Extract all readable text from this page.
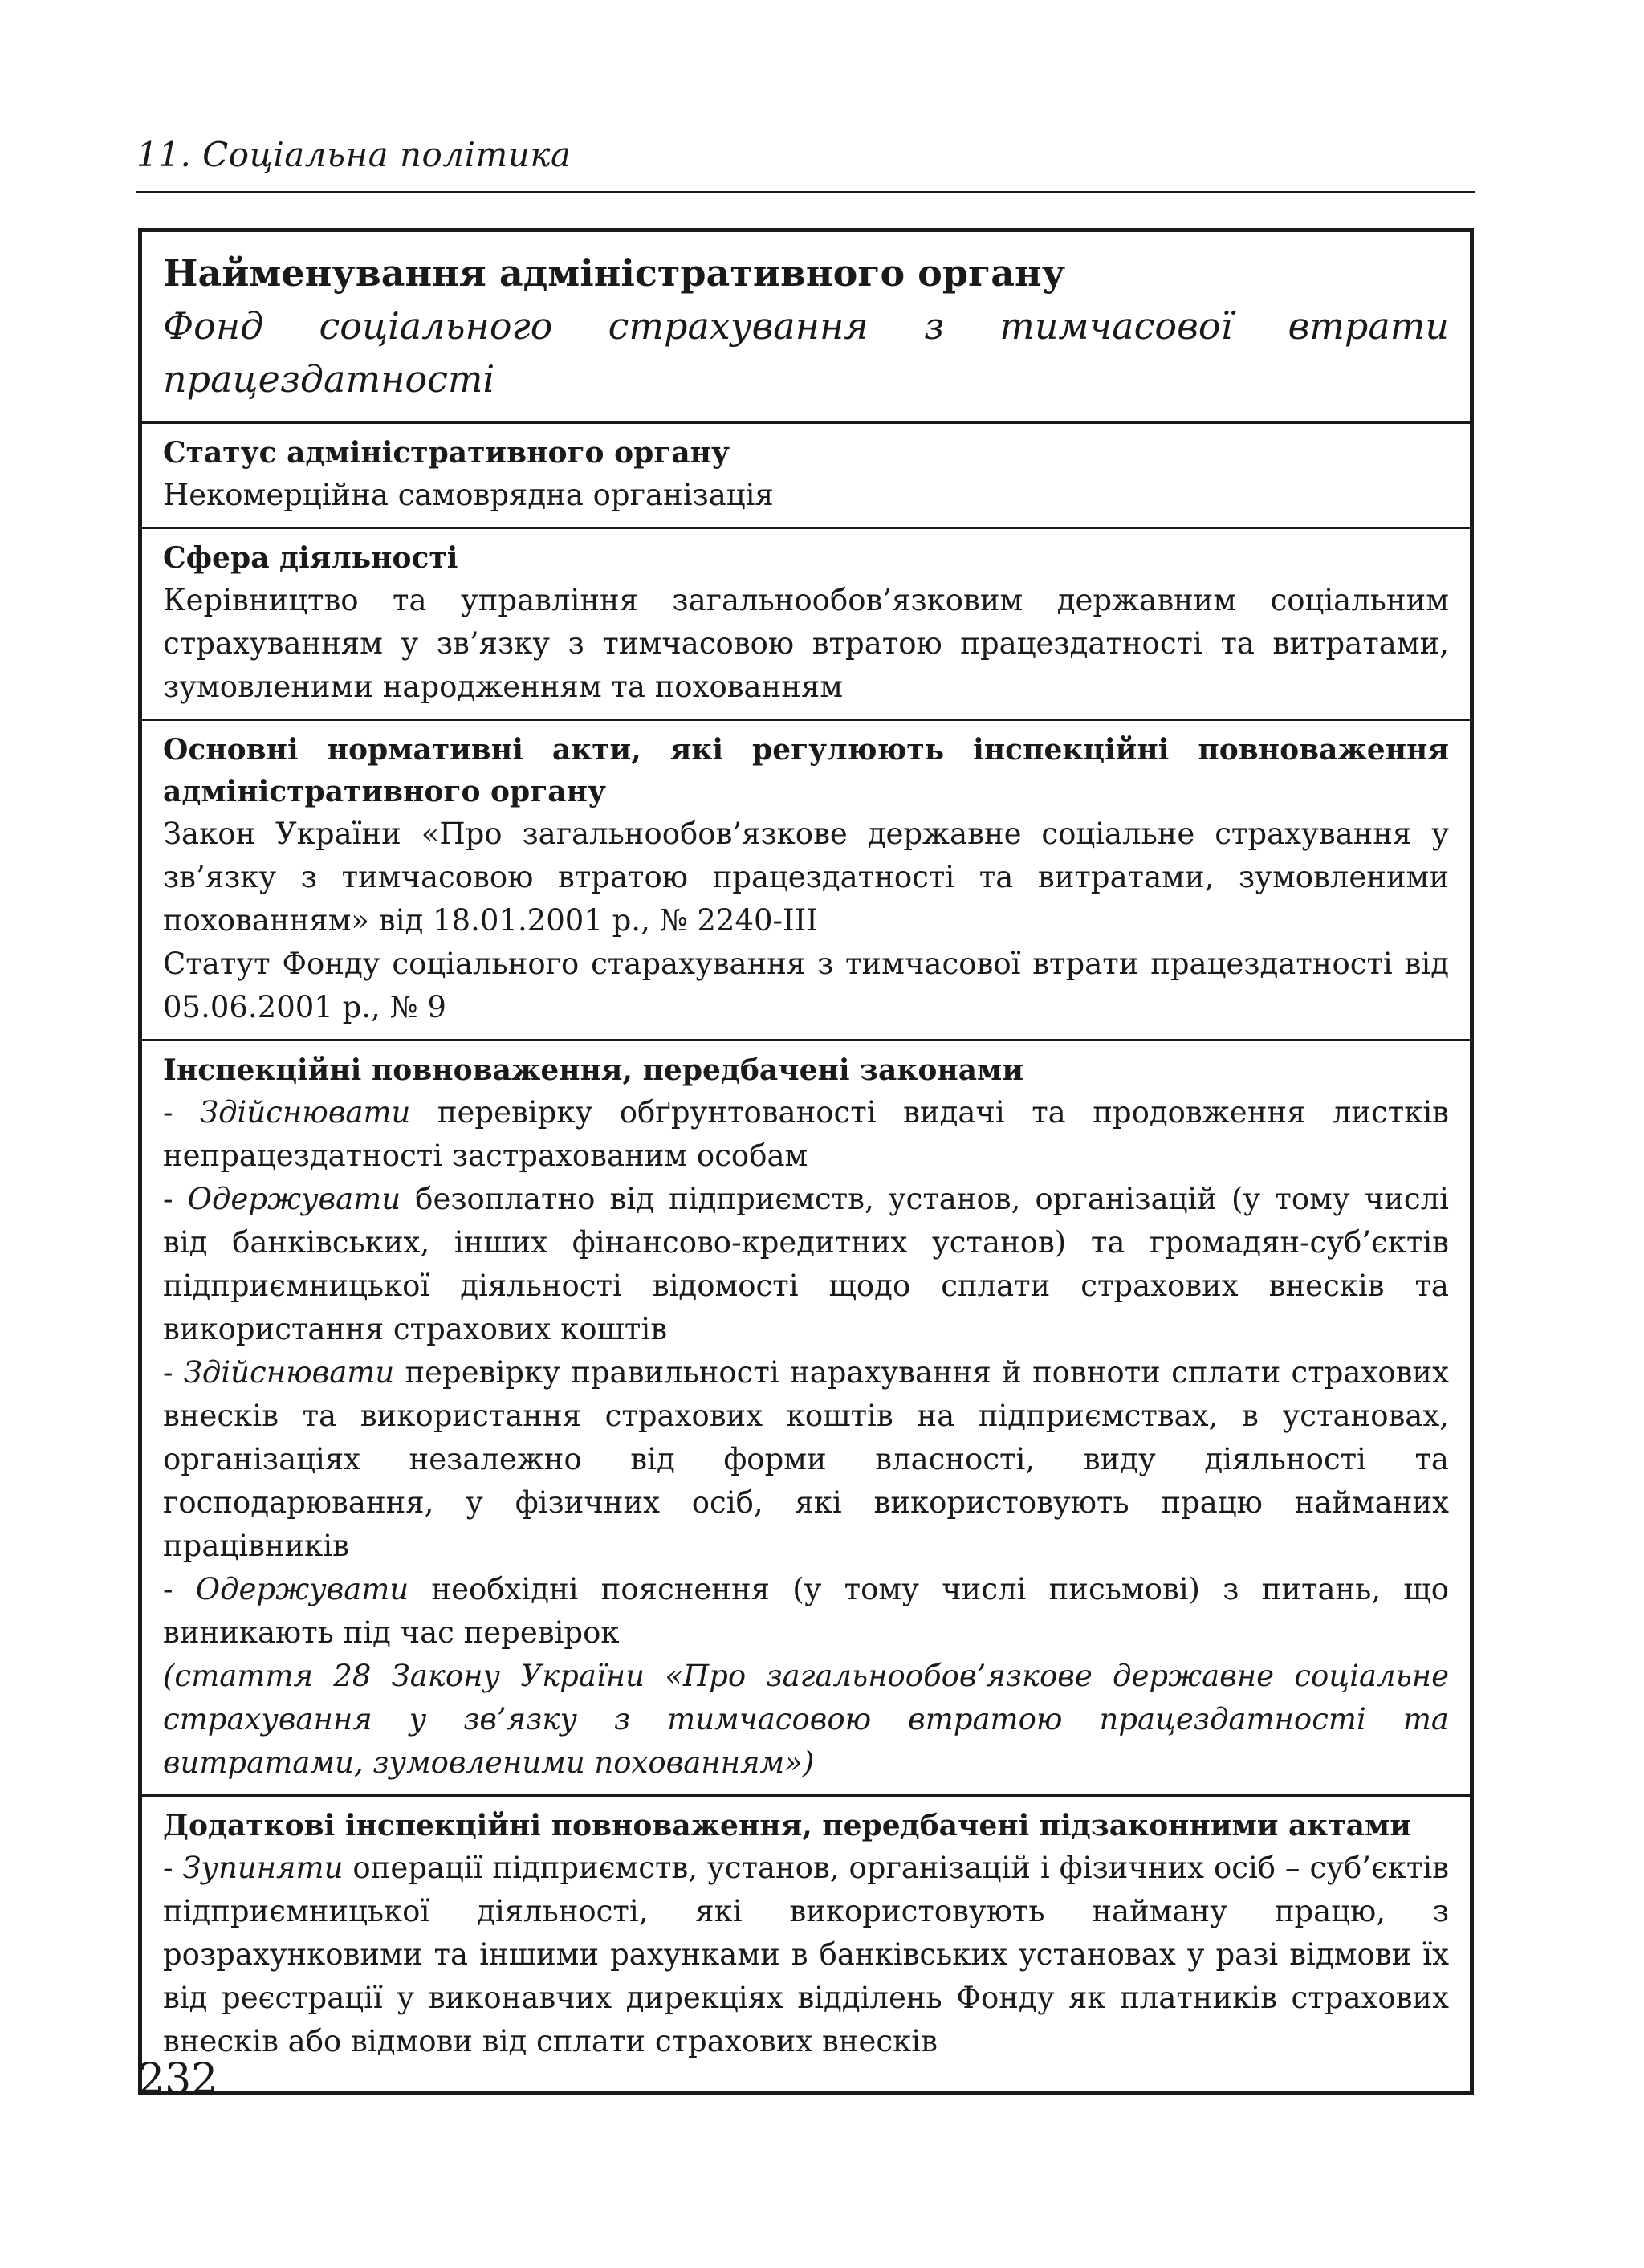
11. Соціальна політика
Найменування адміністративного органу
Фонд соціального страхування з тимчасової втрати працездатності
Статус адміністративного органу
Некомерційна самоврядна організація
Сфера діяльності
Керівництво та управління загальнообов’язковим державним соціальним страхуванням у зв’язку з тимчасовою втратою працездатності та витратами, зумовленими народженням та похованням
Основні нормативні акти, які регулюють інспекційні повноваження адміністративного органу
Закон України «Про загальнообов’язкове державне соціальне страхування у зв’язку з тимчасовою втратою працездатності та витратами, зумовленими похованням» від 18.01.2001 р., № 2240-ІІІ
Статут Фонду соціального старахування з тимчасової втрати працездатності від 05.06.2001 р., № 9
Інспекційні повноваження, передбачені законами
- Здійснювати перевірку обґрунтованості видачі та продовження листків непрацездатності застрахованим особам
- Одержувати безоплатно від підприємств, установ, організацій (у тому числі від банківських, інших фінансово-кредитних установ) та громадян-суб’єктів підприємницької діяльності відомості щодо сплати страхових внесків та використання страхових коштів
- Здійснювати перевірку правильності нарахування й повноти сплати страхових внесків та використання страхових коштів на підприємствах, в установах, організаціях незалежно від форми власності, виду діяльності та господарювання, у фізичних осіб, які використовують працю найманих працівників
- Одержувати необхідні пояснення (у тому числі письмові) з питань, що виникають під час перевірок
(стаття 28 Закону України «Про загальнообов’язкове державне соціальне страхування у зв’язку з тимчасовою втратою працездатності та витратами, зумовленими похованням»)
Додаткові інспекційні повноваження, передбачені підзаконними актами
- Зупиняти операції підприємств, установ, організацій і фізичних осіб – суб’єктів підприємницької діяльності, які використовують найману працю, з розрахунковими та іншими рахунками в банківських установах у разі відмови їх від реєстрації у виконавчих дирекціях відділень Фонду як платників страхових внесків або відмови від сплати страхових внесків
232
